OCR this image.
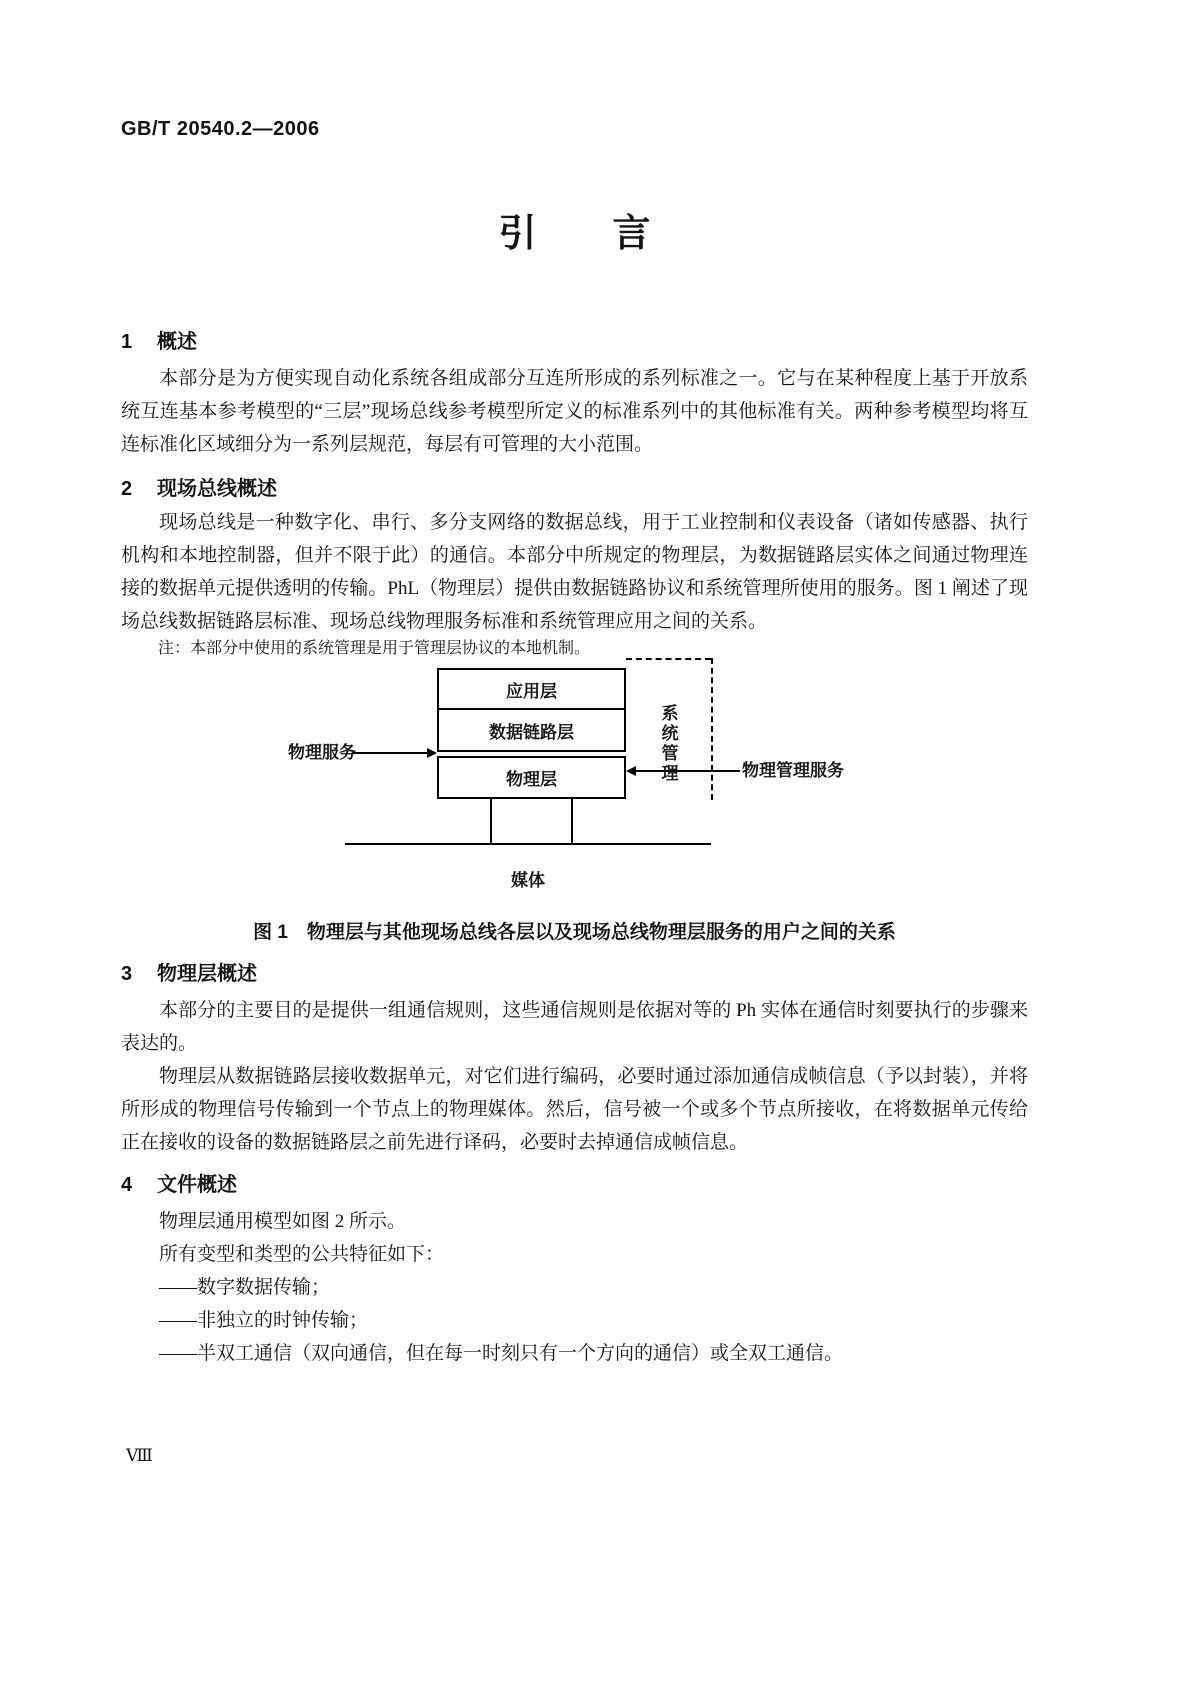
GB/T 20540.2—2006
引　　言
1 概述

本部分是为方便实现自动化系统各组成部分互连所形成的系列标准之一。它与在某种程度上基于开放系统互连基本参考模型的“三层”现场总线参考模型所定义的标准系列中的其他标准有关。两种参考模型均将互连标准化区域细分为一系列层规范，每层有可管理的大小范围。

2 现场总线概述

现场总线是一种数字化、串行、多分支网络的数据总线，用于工业控制和仪表设备（诸如传感器、执行机构和本地控制器，但并不限于此）的通信。本部分中所规定的物理层，为数据链路层实体之间通过物理连接的数据单元提供透明的传输。PhL（物理层）提供由数据链路协议和系统管理所使用的服务。图 1 阐述了现场总线数据链路层标准、现场总线物理服务标准和系统管理应用之间的关系。

注：本部分中使用的系统管理是用于管理层协议的本地机制。
应用层
数据链路层
物理层	系统管理
物理服务
物理管理服务
媒体
图 1　物理层与其他现场总线各层以及现场总线物理层服务的用户之间的关系
3 物理层概述

本部分的主要目的是提供一组通信规则，这些通信规则是依据对等的 Ph 实体在通信时刻要执行的步骤来表达的。

物理层从数据链路层接收数据单元，对它们进行编码，必要时通过添加通信成帧信息（予以封装），并将所形成的物理信号传输到一个节点上的物理媒体。然后，信号被一个或多个节点所接收，在将数据单元传给正在接收的设备的数据链路层之前先进行译码，必要时去掉通信成帧信息。

4 文件概述

物理层通用模型如图 2 所示。

所有变型和类型的公共特征如下：

——数字数据传输；

——非独立的时钟传输；

——半双工通信（双向通信，但在每一时刻只有一个方向的通信）或全双工通信。

Ⅷ
